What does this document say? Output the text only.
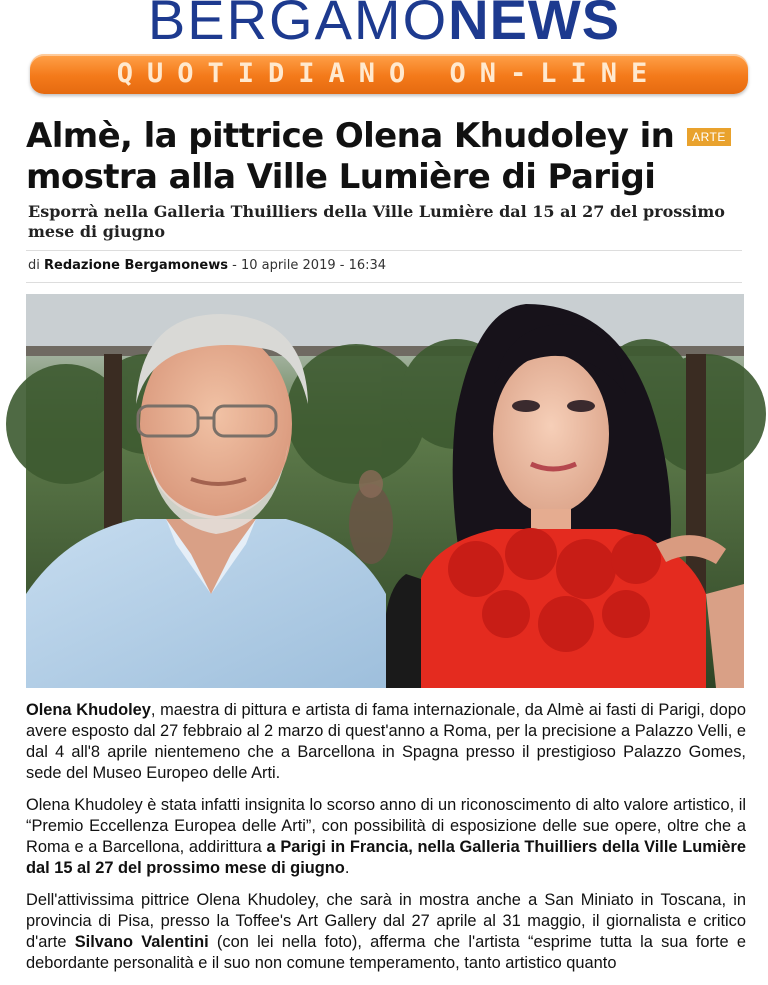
BERGAMONEWS
QUOTIDIANO ON-LINE
Almè, la pittrice Olena Khudoley in mostra alla Ville Lumière di Parigi
ARTE
Esporrà nella Galleria Thuilliers della Ville Lumière dal 15 al 27 del prossimo mese di giugno
di Redazione Bergamonews - 10 aprile 2019 - 16:34

Olena Khudoley, maestra di pittura e artista di fama internazionale, da Almè ai fasti di Parigi, dopo avere esposto dal 27 febbraio al 2 marzo di quest'anno a Roma, per la precisione a Palazzo Velli, e dal 4 all'8 aprile nientemeno che a Barcellona in Spagna presso il prestigioso Palazzo Gomes, sede del Museo Europeo delle Arti.

Olena Khudoley è stata infatti insignita lo scorso anno di un riconoscimento di alto valore artistico, il “Premio Eccellenza Europea delle Arti”, con possibilità di esposizione delle sue opere, oltre che a Roma e a Barcellona, addirittura a Parigi in Francia, nella Galleria Thuilliers della Ville Lumière dal 15 al 27 del prossimo mese di giugno.

Dell'attivissima pittrice Olena Khudoley, che sarà in mostra anche a San Miniato in Toscana, in provincia di Pisa, presso la Toffee's Art Gallery dal 27 aprile al 31 maggio, il giornalista e critico d'arte Silvano Valentini (con lei nella foto), afferma che l'artista “esprime tutta la sua forte e debordante personalità e il suo non comune temperamento, tanto artistico quanto
